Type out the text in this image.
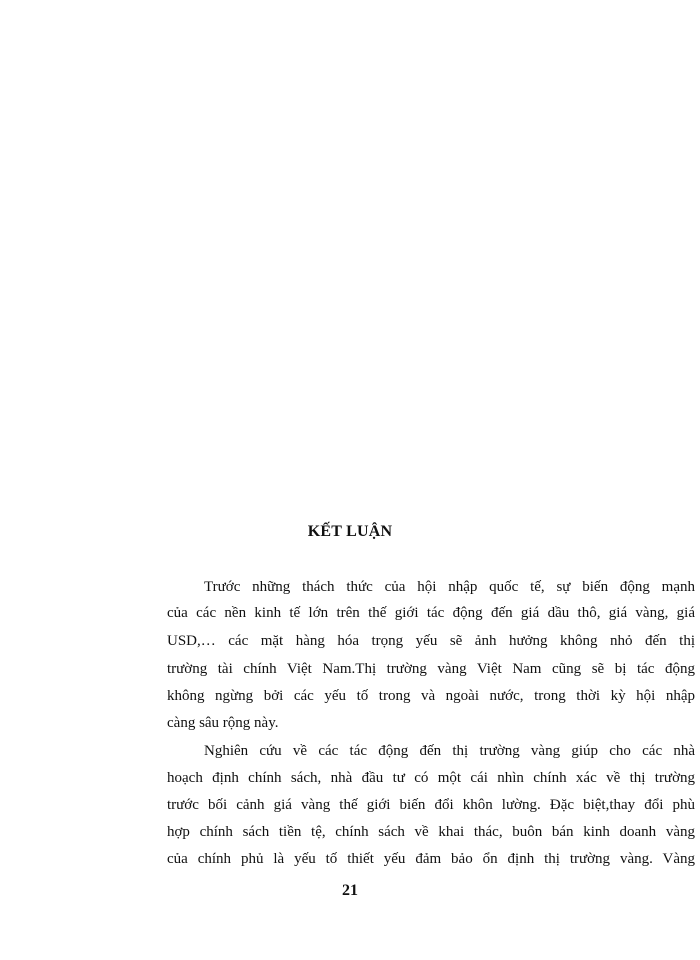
KẾT LUẬN
Trước những thách thức của hội nhập quốc tế, sự biến động mạnh
của các nền kinh tế lớn trên thế giới tác động đến giá dầu thô, giá vàng, giá
USD,… các mặt hàng hóa trọng yếu sẽ ảnh hưởng không nhỏ đến thị
trường tài chính Việt Nam.Thị trường vàng Việt Nam cũng sẽ bị tác động
không ngừng bởi các yếu tố trong và ngoài nước, trong thời kỳ hội nhập
càng sâu rộng này.
Nghiên cứu về các tác động đến thị trường vàng giúp cho các nhà
hoạch định chính sách, nhà đầu tư có một cái nhìn chính xác về thị trường
trước bối cảnh giá vàng thế giới biến đổi khôn lường. Đặc biệt,thay đổi phù
hợp chính sách tiền tệ, chính sách về khai thác, buôn bán kinh doanh vàng
của chính phủ là yếu tố thiết yếu đảm bảo ổn định thị trường vàng. Vàng
21
